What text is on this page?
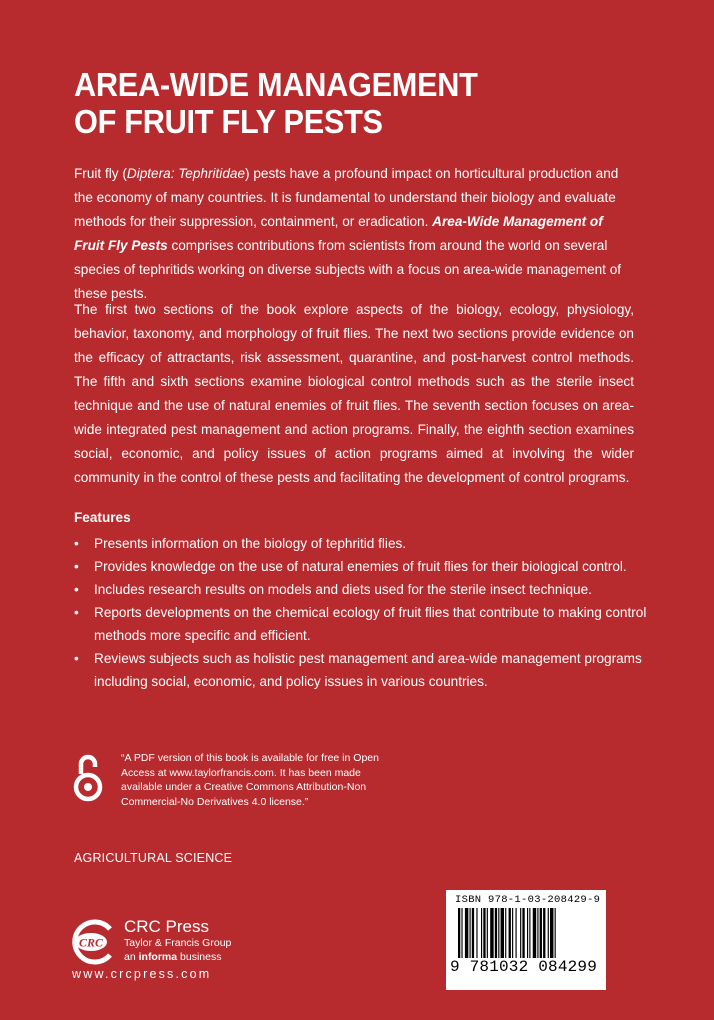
AREA-WIDE MANAGEMENT
OF FRUIT FLY PESTS

Fruit fly (Diptera: Tephritidae) pests have a profound impact on horticultural production and the economy of many countries. It is fundamental to understand their biology and evaluate methods for their suppression, containment, or eradication. Area-Wide Management of Fruit Fly Pests comprises contributions from scientists from around the world on several species of tephritids working on diverse subjects with a focus on area-wide management of these pests.

The first two sections of the book explore aspects of the biology, ecology, physiology, behavior, taxonomy, and morphology of fruit flies. The next two sections provide evidence on the efficacy of attractants, risk assessment, quarantine, and post-harvest control methods. The fifth and sixth sections examine biological control methods such as the sterile insect technique and the use of natural enemies of fruit flies. The seventh section focuses on area-wide integrated pest management and action programs. Finally, the eighth section examines social, economic, and policy issues of action programs aimed at involving the wider community in the control of these pests and facilitating the development of control programs.

Features
• Presents information on the biology of tephritid flies.
• Provides knowledge on the use of natural enemies of fruit flies for their biological control.
• Includes research results on models and diets used for the sterile insect technique.
• Reports developments on the chemical ecology of fruit flies that contribute to making control methods more specific and efficient.
• Reviews subjects such as holistic pest management and area-wide management programs including social, economic, and policy issues in various countries.

“A PDF version of this book is available for free in Open Access at www.taylorfrancis.com. It has been made available under a Creative Commons Attribution-Non Commercial-No Derivatives 4.0 license.”

AGRICULTURAL SCIENCE
CRC
CRC Press
Taylor & Francis Group
an informa business
www.crcpress.com
ISBN 978-1-03-208429-9
9 781032 084299
